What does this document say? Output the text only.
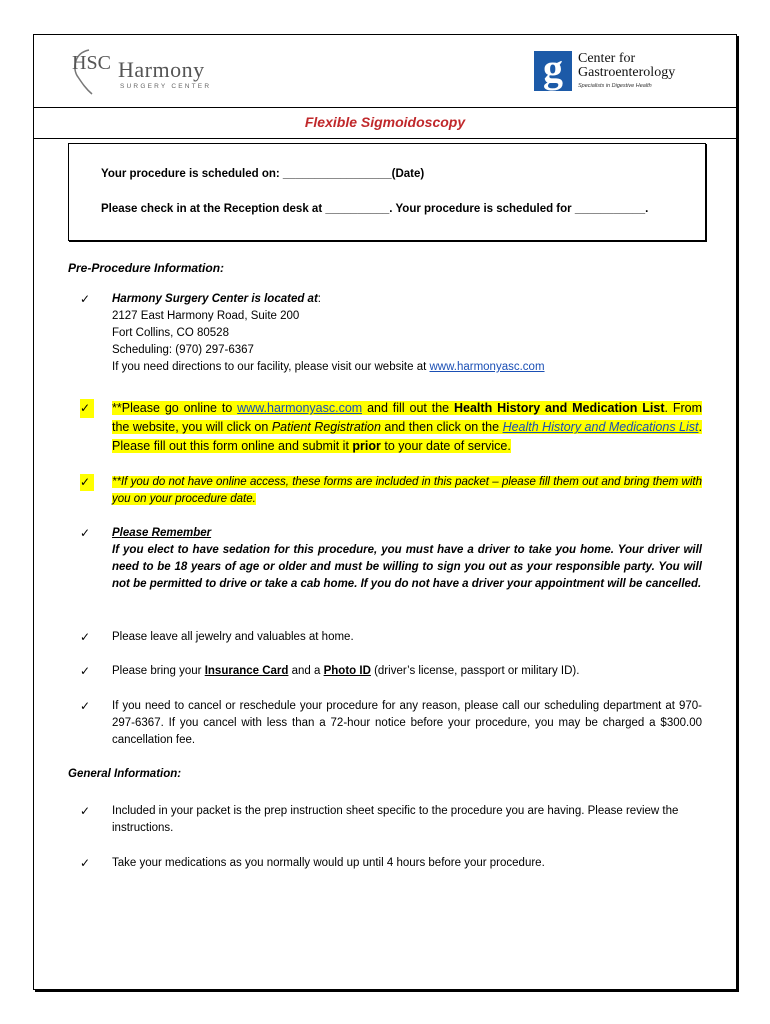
HSC Harmony
SURGERY CENTER	g	Center for
Gastroenterology
Specialists in Digestive Health
Flexible Sigmoidoscopy
Your procedure is scheduled on: _________________(Date)
Please check in at the Reception desk at __________. Your procedure is scheduled for ___________.
Pre-Procedure Information:
✓	Harmony Surgery Center is located at:
2127 East Harmony Road, Suite 200
Fort Collins, CO 80528
Scheduling: (970) 297-6367
If you need directions to our facility, please visit our website at www.harmonyasc.com
✓	**Please go online to www.harmonyasc.com and fill out the Health History and Medication List. From the website, you will click on Patient Registration and then click on the Health History and Medications List. Please fill out this form online and submit it prior to your date of service.
✓	**If you do not have online access, these forms are included in this packet – please fill them out and bring them with you on your procedure date.
✓	Please Remember
If you elect to have sedation for this procedure, you must have a driver to take you home. Your driver will need to be 18 years of age or older and must be willing to sign you out as your responsible party. You will not be permitted to drive or take a cab home. If you do not have a driver your appointment will be cancelled.
✓	Please leave all jewelry and valuables at home.
✓	Please bring your Insurance Card and a Photo ID (driver’s license, passport or military ID).
✓	If you need to cancel or reschedule your procedure for any reason, please call our scheduling department at 970-297-6367. If you cancel with less than a 72-hour notice before your procedure, you may be charged a $300.00 cancellation fee.
General Information:
✓	Included in your packet is the prep instruction sheet specific to the procedure you are having. Please review the instructions.
✓	Take your medications as you normally would up until 4 hours before your procedure.
